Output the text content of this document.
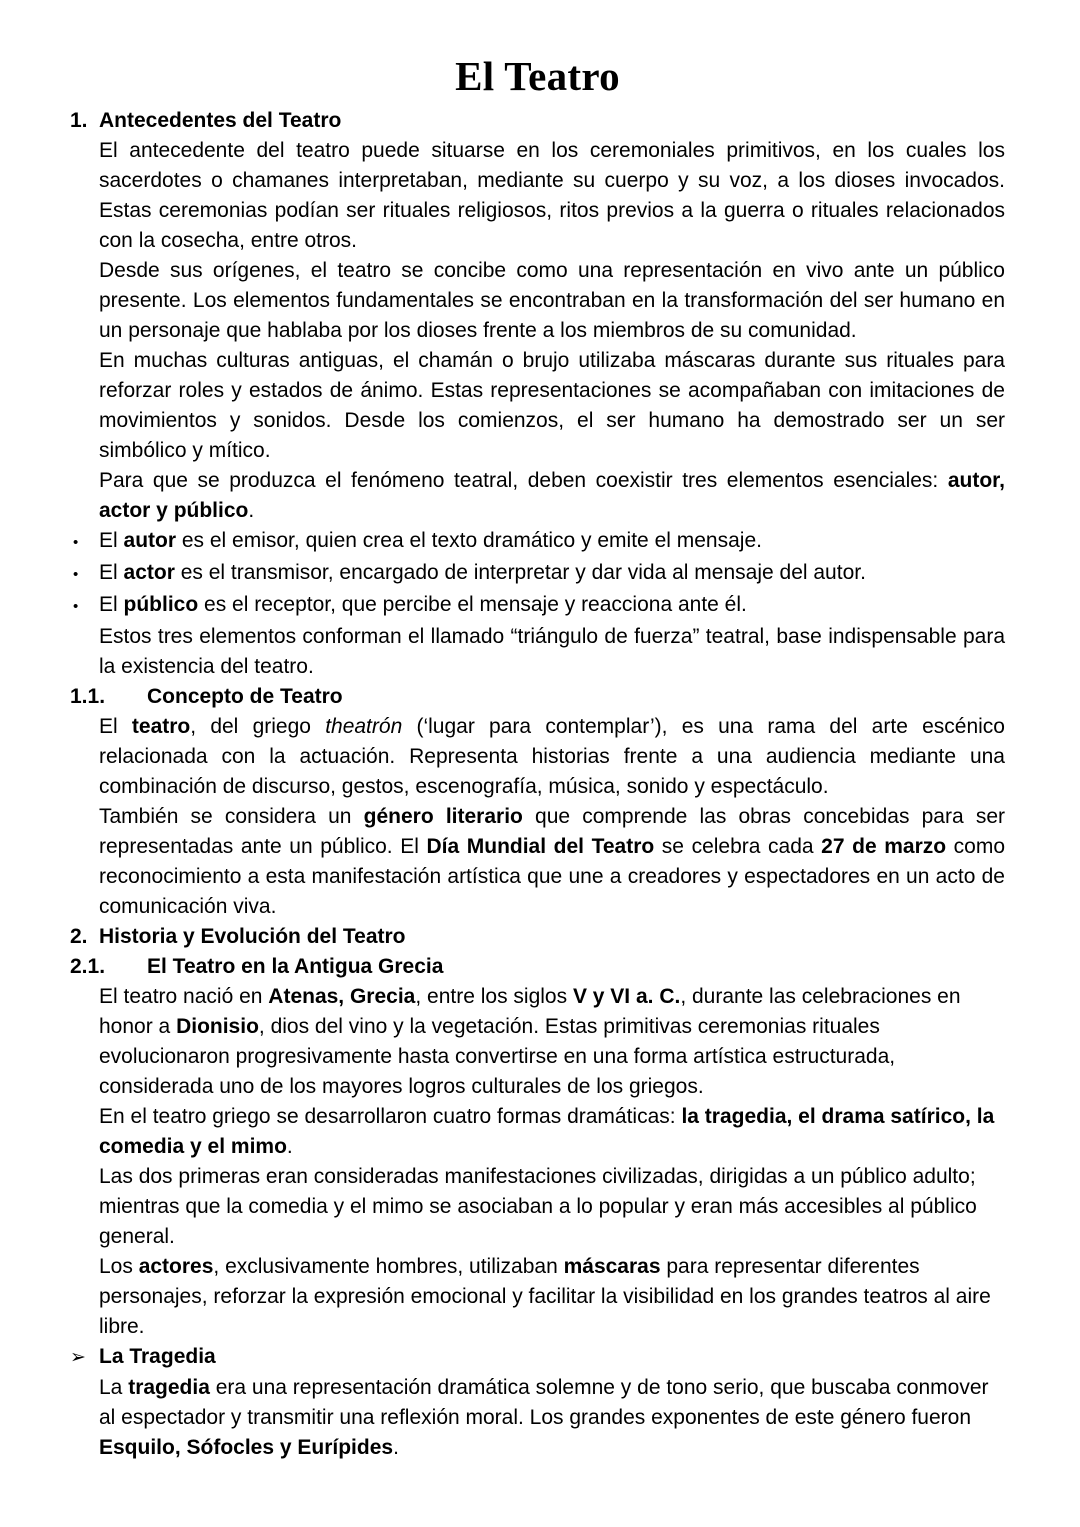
El Teatro
1. Antecedentes del Teatro

El antecedente del teatro puede situarse en los ceremoniales primitivos, en los cuales los sacerdotes o chamanes interpretaban, mediante su cuerpo y su voz, a los dioses invocados. Estas ceremonias podían ser rituales religiosos, ritos previos a la guerra o rituales relacionados con la cosecha, entre otros.

Desde sus orígenes, el teatro se concibe como una representación en vivo ante un público presente. Los elementos fundamentales se encontraban en la transformación del ser humano en un personaje que hablaba por los dioses frente a los miembros de su comunidad.

En muchas culturas antiguas, el chamán o brujo utilizaba máscaras durante sus rituales para reforzar roles y estados de ánimo. Estas representaciones se acompañaban con imitaciones de movimientos y sonidos. Desde los comienzos, el ser humano ha demostrado ser un ser simbólico y mítico.

Para que se produzca el fenómeno teatral, deben coexistir tres elementos esenciales: autor, actor y público.

• El autor es el emisor, quien crea el texto dramático y emite el mensaje.
• El actor es el transmisor, encargado de interpretar y dar vida al mensaje del autor.
• El público es el receptor, que percibe el mensaje y reacciona ante él.

Estos tres elementos conforman el llamado “triángulo de fuerza” teatral, base indispensable para la existencia del teatro.

1.1.	Concepto de Teatro

El teatro, del griego theatrón (‘lugar para contemplar’), es una rama del arte escénico relacionada con la actuación. Representa historias frente a una audiencia mediante una combinación de discurso, gestos, escenografía, música, sonido y espectáculo.

También se considera un género literario que comprende las obras concebidas para ser representadas ante un público. El Día Mundial del Teatro se celebra cada 27 de marzo como reconocimiento a esta manifestación artística que une a creadores y espectadores en un acto de comunicación viva.

2. Historia y Evolución del Teatro
2.1.	El Teatro en la Antigua Grecia

El teatro nació en Atenas, Grecia, entre los siglos V y VI a. C., durante las celebraciones en honor a Dionisio, dios del vino y la vegetación. Estas primitivas ceremonias rituales evolucionaron progresivamente hasta convertirse en una forma artística estructurada, considerada uno de los mayores logros culturales de los griegos.

En el teatro griego se desarrollaron cuatro formas dramáticas: la tragedia, el drama satírico, la comedia y el mimo.

Las dos primeras eran consideradas manifestaciones civilizadas, dirigidas a un público adulto; mientras que la comedia y el mimo se asociaban a lo popular y eran más accesibles al público general.

Los actores, exclusivamente hombres, utilizaban máscaras para representar diferentes personajes, reforzar la expresión emocional y facilitar la visibilidad en los grandes teatros al aire libre.

➢ La Tragedia

La tragedia era una representación dramática solemne y de tono serio, que buscaba conmover al espectador y transmitir una reflexión moral. Los grandes exponentes de este género fueron Esquilo, Sófocles y Eurípides.
